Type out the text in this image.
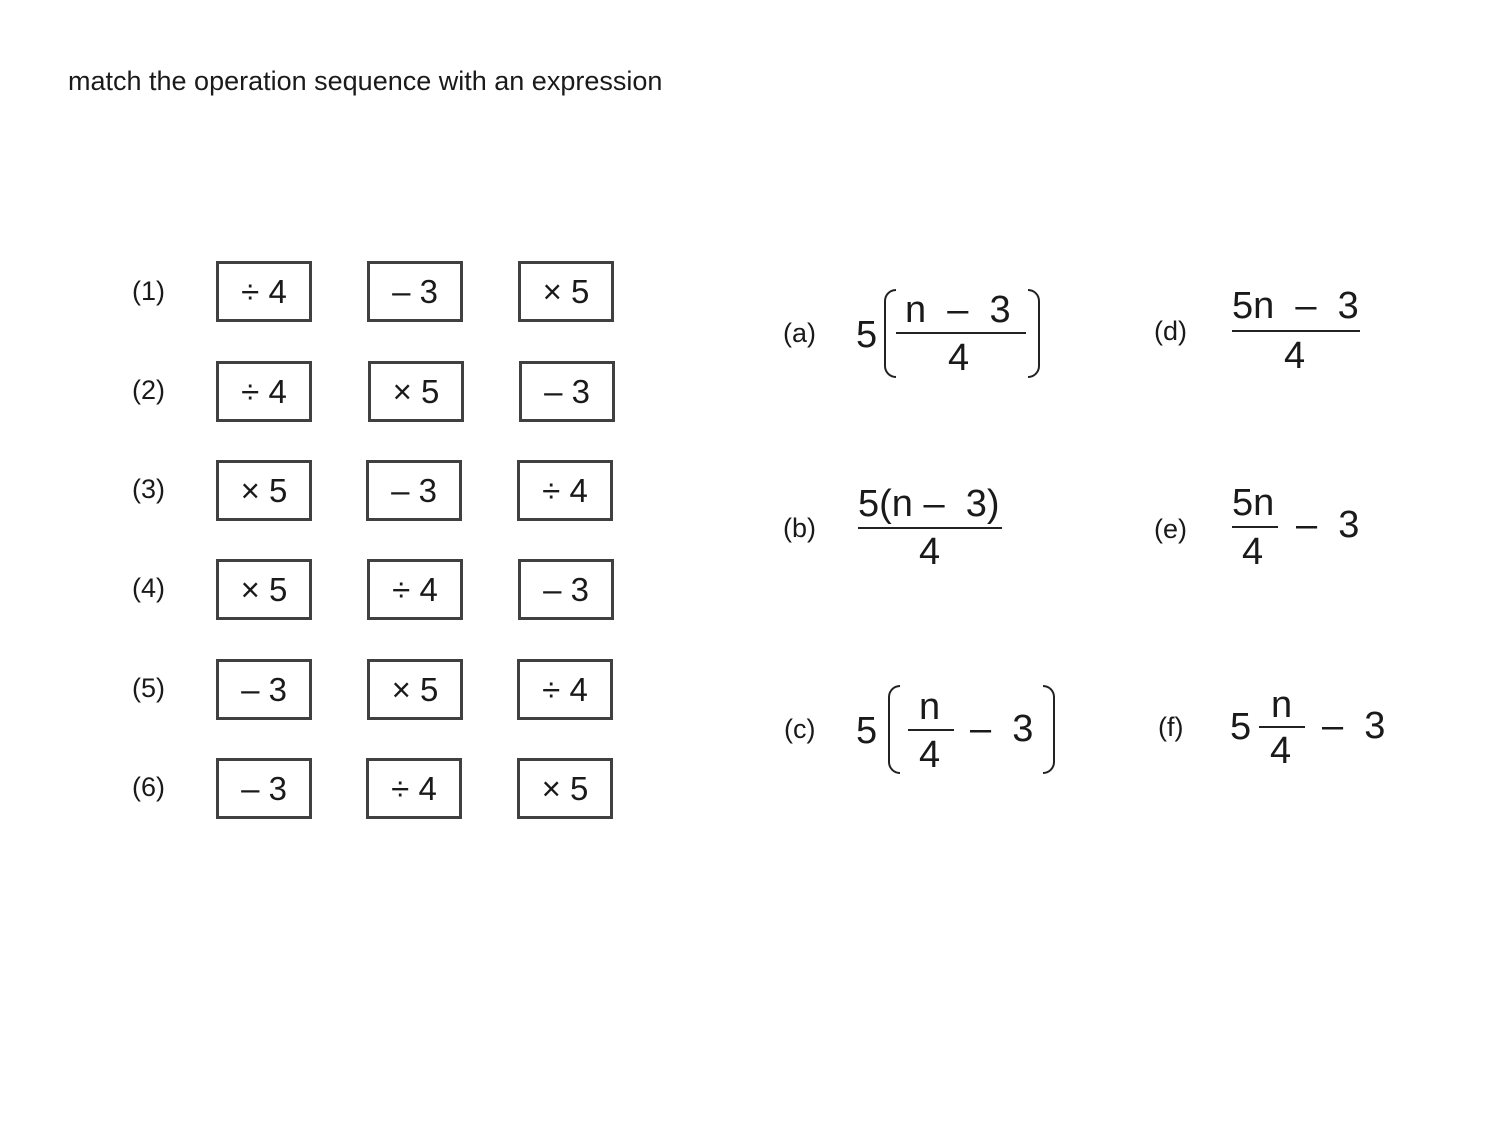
match the operation sequence with an expression
(1)	÷ 4	– 3	× 5
(2)	÷ 4	× 5	– 3
(3)	× 5	– 3	÷ 4
(4)	× 5	÷ 4	– 3
(5)	– 3	× 5	÷ 4
(6)	– 3	÷ 4	× 5
(a) 5
n  –  3
4
(b)
5(n –  3)
4
(c) 5
n
4
–  3
(d)
5n  –  3
4
(e)
5n
4
–  3
(f) 5
n
4
–  3
